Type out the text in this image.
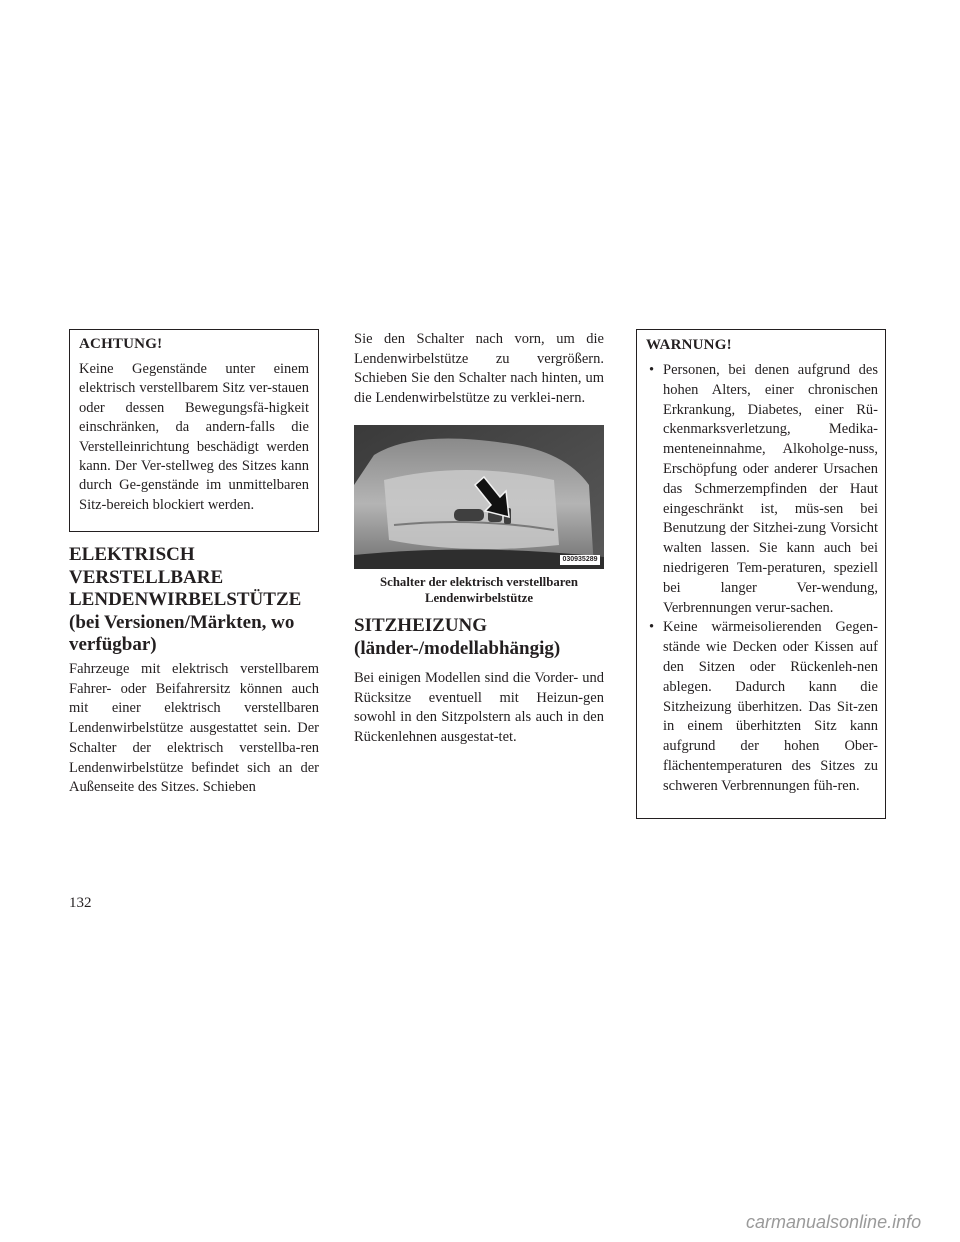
ACHTUNG!
Keine Gegenstände unter einem elektrisch verstellbarem Sitz ver-stauen oder dessen Bewegungsfä-higkeit einschränken, da andern-falls die Verstelleinrichtung beschädigt werden kann. Der Ver-stellweg des Sitzes kann durch Ge-genstände im unmittelbaren Sitz-bereich blockiert werden.
ELEKTRISCH
VERSTELLBARE
LENDENWIRBELSTÜTZE
(bei Versionen/Märkten, wo
verfügbar)
Fahrzeuge mit elektrisch verstellbarem Fahrer- oder Beifahrersitz können auch mit einer elektrisch verstellbaren Lendenwirbelstütze ausgestattet sein. Der Schalter der elektrisch verstellba-ren Lendenwirbelstütze befindet sich an der Außenseite des Sitzes. Schieben
Sie den Schalter nach vorn, um die Lendenwirbelstütze zu vergrößern. Schieben Sie den Schalter nach hinten, um die Lendenwirbelstütze zu verklei-nern.
030935289
Schalter der elektrisch verstellbaren
Lendenwirbelstütze
SITZHEIZUNG
(länder-/modellabhängig)
Bei einigen Modellen sind die Vorder- und Rücksitze eventuell mit Heizun-gen sowohl in den Sitzpolstern als auch in den Rückenlehnen ausgestat-tet.
WARNUNG!
• Personen, bei denen aufgrund des hohen Alters, einer chronischen Erkrankung, Diabetes, einer Rü-ckenmarksverletzung, Medika-menteneinnahme, Alkoholge-nuss, Erschöpfung oder anderer Ursachen das Schmerzempfinden der Haut eingeschränkt ist, müs-sen bei Benutzung der Sitzhei-zung Vorsicht walten lassen. Sie kann auch bei niedrigeren Tem-peraturen, speziell bei langer Ver-wendung, Verbrennungen verur-sachen.
• Keine wärmeisolierenden Gegen-stände wie Decken oder Kissen auf den Sitzen oder Rückenleh-nen ablegen. Dadurch kann die Sitzheizung überhitzen. Das Sit-zen in einem überhitzten Sitz kann aufgrund der hohen Ober-flächentemperaturen des Sitzes zu schweren Verbrennungen füh-ren.
132
carmanualsonline.info
